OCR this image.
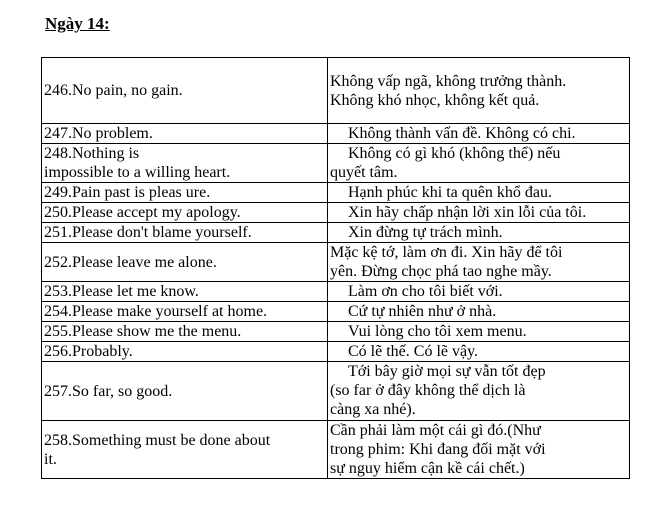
Ngày 14:
246.No pain, no gain.	Không vấp ngã, không trưởng thành.
Không khó nhọc, không kết quả.

247.No problem.	Không thành vấn đề. Không có chi.

248.Nothing is
impossible to a willing heart.	Không có gì khó (không thể) nếu
quyết tâm.

249.Pain past is pleas ure.	Hạnh phúc khi ta quên khổ đau.
250.Please accept my apology.	Xin hãy chấp nhận lời xin lỗi của tôi.
251.Please don't blame yourself.	Xin đừng tự trách mình.
252.Please leave me alone.	Mặc kệ tớ, làm ơn đi. Xin hãy để tôi
yên. Đừng chọc phá tao nghe mầy.

253.Please let me know.	Làm ơn cho tôi biết với.
254.Please make yourself at home.	Cứ tự nhiên như ở nhà.
255.Please show me the menu.	Vui lòng cho tôi xem menu.
256.Probably.	Có lẽ thế. Có lẽ vậy.
257.So far, so good.	Tới bây giờ mọi sự vẫn tốt đẹp
(so far ở đây không thể dịch là
càng xa nhé).

258.Something must be done about
it.	Cần phải làm một cái gì đó.(Như
trong phim: Khi đang đối mặt với
sự nguy hiểm cận kề cái chết.)
